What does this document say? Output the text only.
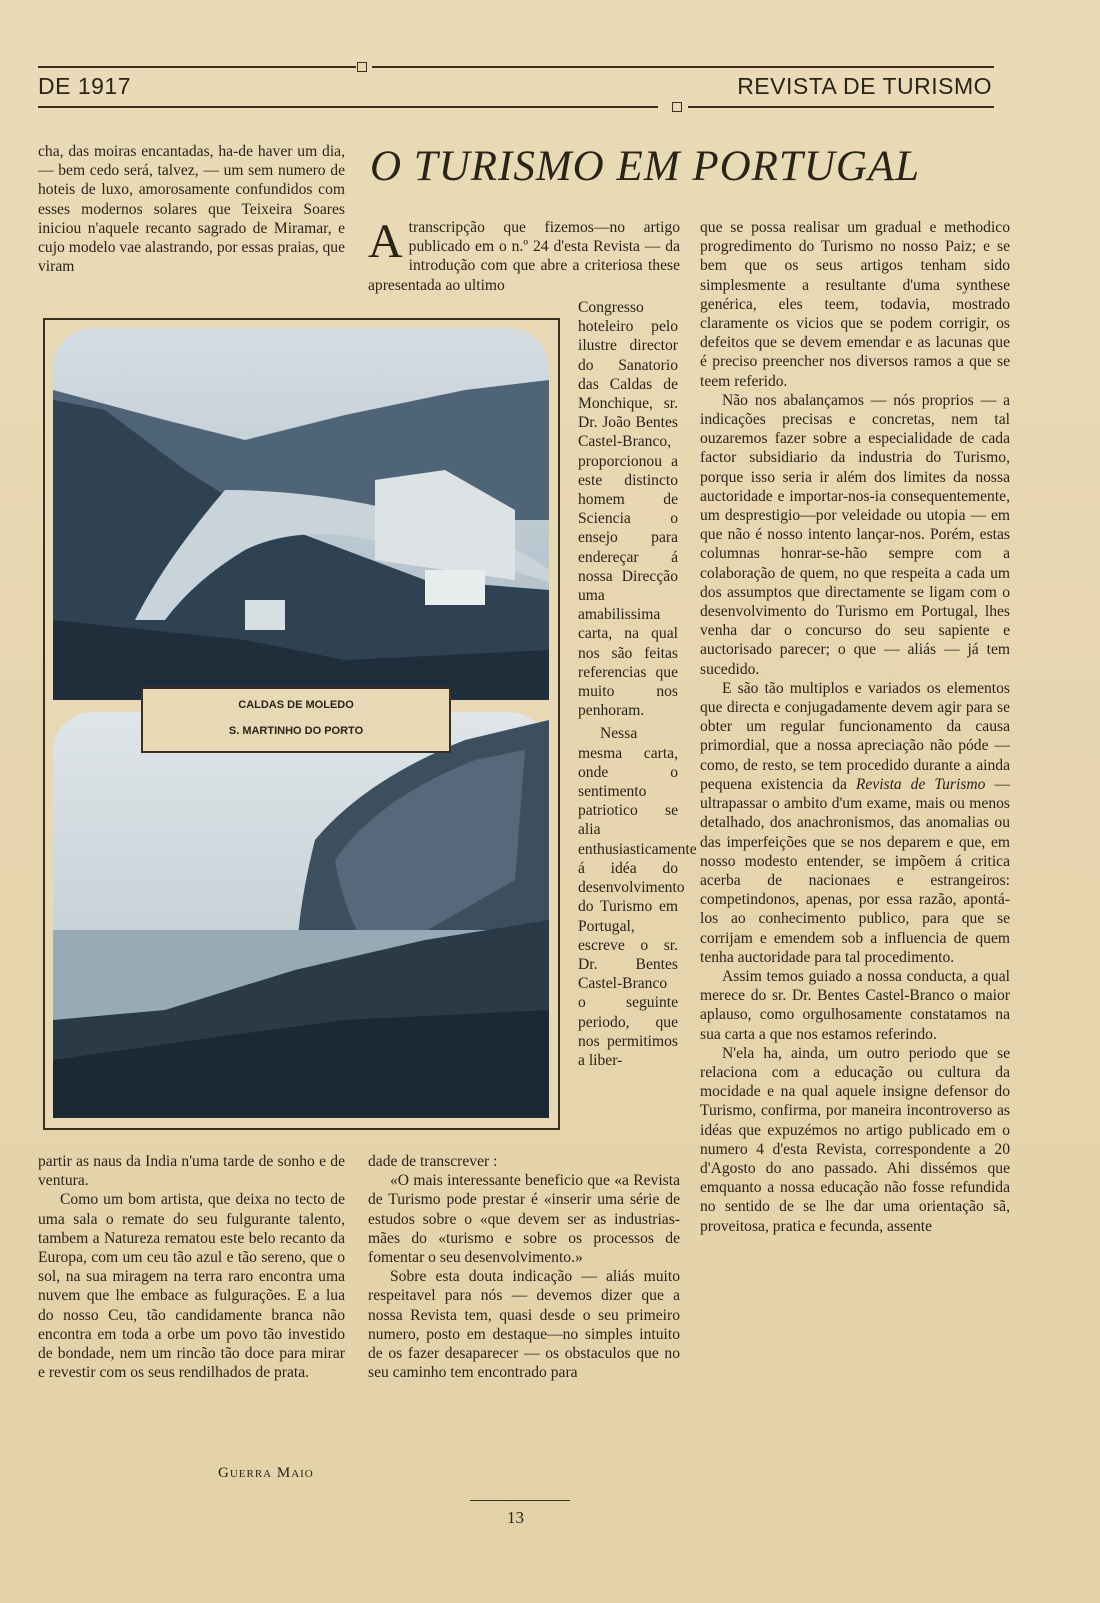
DE 1917	REVISTA DE TURISMO

cha, das moiras encantadas, ha-de haver um dia, — bem cedo será, talvez, — um sem numero de hoteis de luxo, amorosamente confundidos com esses modernos solares que Teixeira Soares iniciou n'aquele recanto sagrado de Miramar, e cujo modelo vae alastrando, por essas praias, que viram

O TURISMO EM PORTUGAL
CALDAS DE MOLEDO
S. MARTINHO DO PORTO

partir as naus da India n'uma tarde de sonho e de ventura.

Como um bom artista, que deixa no tecto de uma sala o remate do seu fulgurante talento, tambem a Natureza rematou este belo recanto da Europa, com um ceu tão azul e tão sereno, que o sol, na sua miragem na terra raro encontra uma nuvem que lhe embace as fulgurações. E a lua do nosso Ceu, tão candidamente branca não encontra em toda a orbe um povo tão investido de bondade, nem um rincão tão doce para mirar e revestir com os seus rendilhados de prata.

Guerra Maio
A transcripção que fizemos—no artigo publicado em o n.º 24 d'esta Revista — da introdução com que abre a criteriosa these apresentada ao ultimo

Congresso hoteleiro pelo ilustre director do Sanatorio das Caldas de Monchique, sr. Dr. João Bentes Castel-Branco, proporcionou a este distincto homem de Sciencia o ensejo para endereçar á nossa Direcção uma amabilissima carta, na qual nos são feitas referencias que muito nos penhoram.

Nessa mesma carta, onde o sentimento patriotico se alia enthusiasticamente á idéa do desenvolvimento do Turismo em Portugal, escreve o sr. Dr. Bentes Castel-Branco o seguinte periodo, que nos permitimos a liber-

dade de transcrever :

«O mais interessante beneficio que «a Revista de Turismo pode prestar é «inserir uma série de estudos sobre o «que devem ser as industrias-mães do «turismo e sobre os processos de fomentar o seu desenvolvimento.»

Sobre esta douta indicação — aliás muito respeitavel para nós — devemos dizer que a nossa Revista tem, quasi desde o seu primeiro numero, posto em destaque—no simples intuito de os fazer desaparecer — os obstaculos que no seu caminho tem encontrado para

que se possa realisar um gradual e methodico progredimento do Turismo no nosso Paiz; e se bem que os seus artigos tenham sido simplesmente a resultante d'uma synthese genérica, eles teem, todavia, mostrado claramente os vicios que se podem corrigir, os defeitos que se devem emendar e as lacunas que é preciso preencher nos diversos ramos a que se teem referido.

Não nos abalançamos — nós proprios — a indicações precisas e concretas, nem tal ouzaremos fazer sobre a especialidade de cada factor subsidiario da industria do Turismo, porque isso seria ir além dos limites da nossa auctoridade e importar-nos-ia consequentemente, um desprestigio—por veleidade ou utopia — em que não é nosso intento lançar-nos. Porém, estas columnas honrar-se-hão sempre com a colaboração de quem, no que respeita a cada um dos assumptos que directamente se ligam com o desenvolvimento do Turismo em Portugal, lhes venha dar o concurso do seu sapiente e auctorisado parecer; o que — aliás — já tem sucedido.

E são tão multiplos e variados os elementos que directa e conjugadamente devem agir para se obter um regular funcionamento da causa primordial, que a nossa apreciação não póde — como, de resto, se tem procedido durante a ainda pequena existencia da Revista de Turismo — ultrapassar o ambito d'um exame, mais ou menos detalhado, dos anachronismos, das anomalias ou das imperfeições que se nos deparem e que, em nosso modesto entender, se impõem á critica acerba de nacionaes e estrangeiros: competindonos, apenas, por essa razão, apontá-los ao conhecimento publico, para que se corrijam e emendem sob a influencia de quem tenha auctoridade para tal procedimento.

Assim temos guiado a nossa conducta, a qual merece do sr. Dr. Bentes Castel-Branco o maior aplauso, como orgulhosamente constatamos na sua carta a que nos estamos referindo.

N'ela ha, ainda, um outro periodo que se relaciona com a educação ou cultura da mocidade e na qual aquele insigne defensor do Turismo, confirma, por maneira incontroverso as idéas que expuzémos no artigo publicado em o numero 4 d'esta Revista, correspondente a 20 d'Agosto do ano passado. Ahi dissémos que emquanto a nossa educação não fosse refundida no sentido de se lhe dar uma orientação sã, proveitosa, pratica e fecunda, assente

13
